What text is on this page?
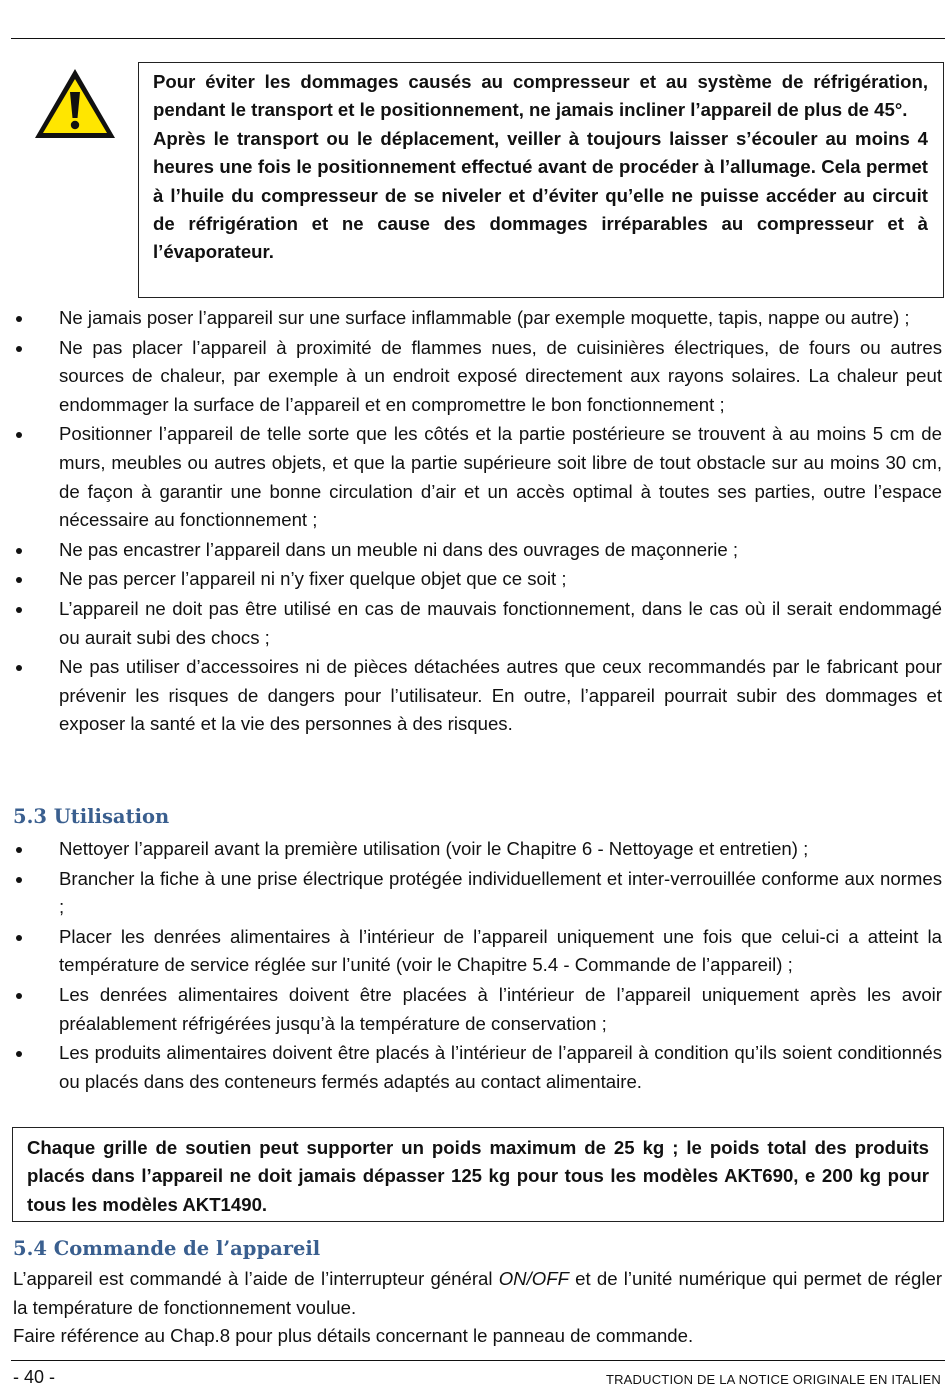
Pour éviter les dommages causés au compresseur et au système de réfrigération, pendant le transport et le positionnement, ne jamais incliner l’appareil de plus de 45°.

Après le transport ou le déplacement, veiller à toujours laisser s’écouler au moins 4 heures une fois le positionnement effectué avant de procéder à l’allumage. Cela permet à l’huile du compresseur de se niveler et d’éviter qu’elle ne puisse accéder au circuit de réfrigération et ne cause des dommages irréparables au compresseur et à l’évaporateur.

Ne jamais poser l’appareil sur une surface inflammable (par exemple moquette, tapis, nappe ou autre) ;
Ne pas placer l’appareil à proximité de flammes nues, de cuisinières électriques, de fours ou autres sources de chaleur, par exemple à un endroit exposé directement aux rayons solaires. La chaleur peut endommager la surface de l’appareil et en compromettre le bon fonctionnement ;
Positionner l’appareil de telle sorte que les côtés et la partie postérieure se trouvent à au moins 5 cm de murs, meubles ou autres objets, et que la partie supérieure soit libre de tout obstacle sur au moins 30 cm, de façon à garantir une bonne circulation d’air et un accès optimal à toutes ses parties, outre l’espace nécessaire au fonctionnement ;
Ne pas encastrer l’appareil dans un meuble ni dans des ouvrages de maçonnerie ;
Ne pas percer l’appareil ni n’y fixer quelque objet que ce soit ;
L’appareil ne doit pas être utilisé en cas de mauvais fonctionnement, dans le cas où il serait endommagé ou aurait subi des chocs ;
Ne pas utiliser d’accessoires ni de pièces détachées autres que ceux recommandés par le fabricant pour prévenir les risques de dangers pour l’utilisateur. En outre, l’appareil pourrait subir des dommages et exposer la santé et la vie des personnes à des risques.
5.3 Utilisation
Nettoyer l’appareil avant la première utilisation (voir le Chapitre 6 - Nettoyage et entretien) ;
Brancher la fiche à une prise électrique protégée individuellement et inter-verrouillée conforme aux normes ;
Placer les denrées alimentaires à l’intérieur de l’appareil uniquement une fois que celui-ci a atteint la température de service réglée sur l’unité (voir le Chapitre 5.4 - Commande de l’appareil) ;
Les denrées alimentaires doivent être placées à l’intérieur de l’appareil uniquement après les avoir préalablement réfrigérées jusqu’à la température de conservation ;
Les produits alimentaires doivent être placés à l’intérieur de l’appareil à condition qu’ils soient conditionnés ou placés dans des conteneurs fermés adaptés au contact alimentaire.

Chaque grille de soutien peut supporter un poids maximum de 25 kg ; le poids total des produits placés dans l’appareil ne doit jamais dépasser 125 kg pour tous les modèles AKT690, e 200 kg pour tous les modèles AKT1490.

5.4 Commande de l’appareil

L’appareil est commandé à l’aide de l’interrupteur général ON/OFF et de l’unité numérique qui permet de régler la température de fonctionnement voulue.

Faire référence au Chap.8 pour plus détails concernant le panneau de commande.

- 40 -	TRADUCTION DE LA NOTICE ORIGINALE EN ITALIEN
